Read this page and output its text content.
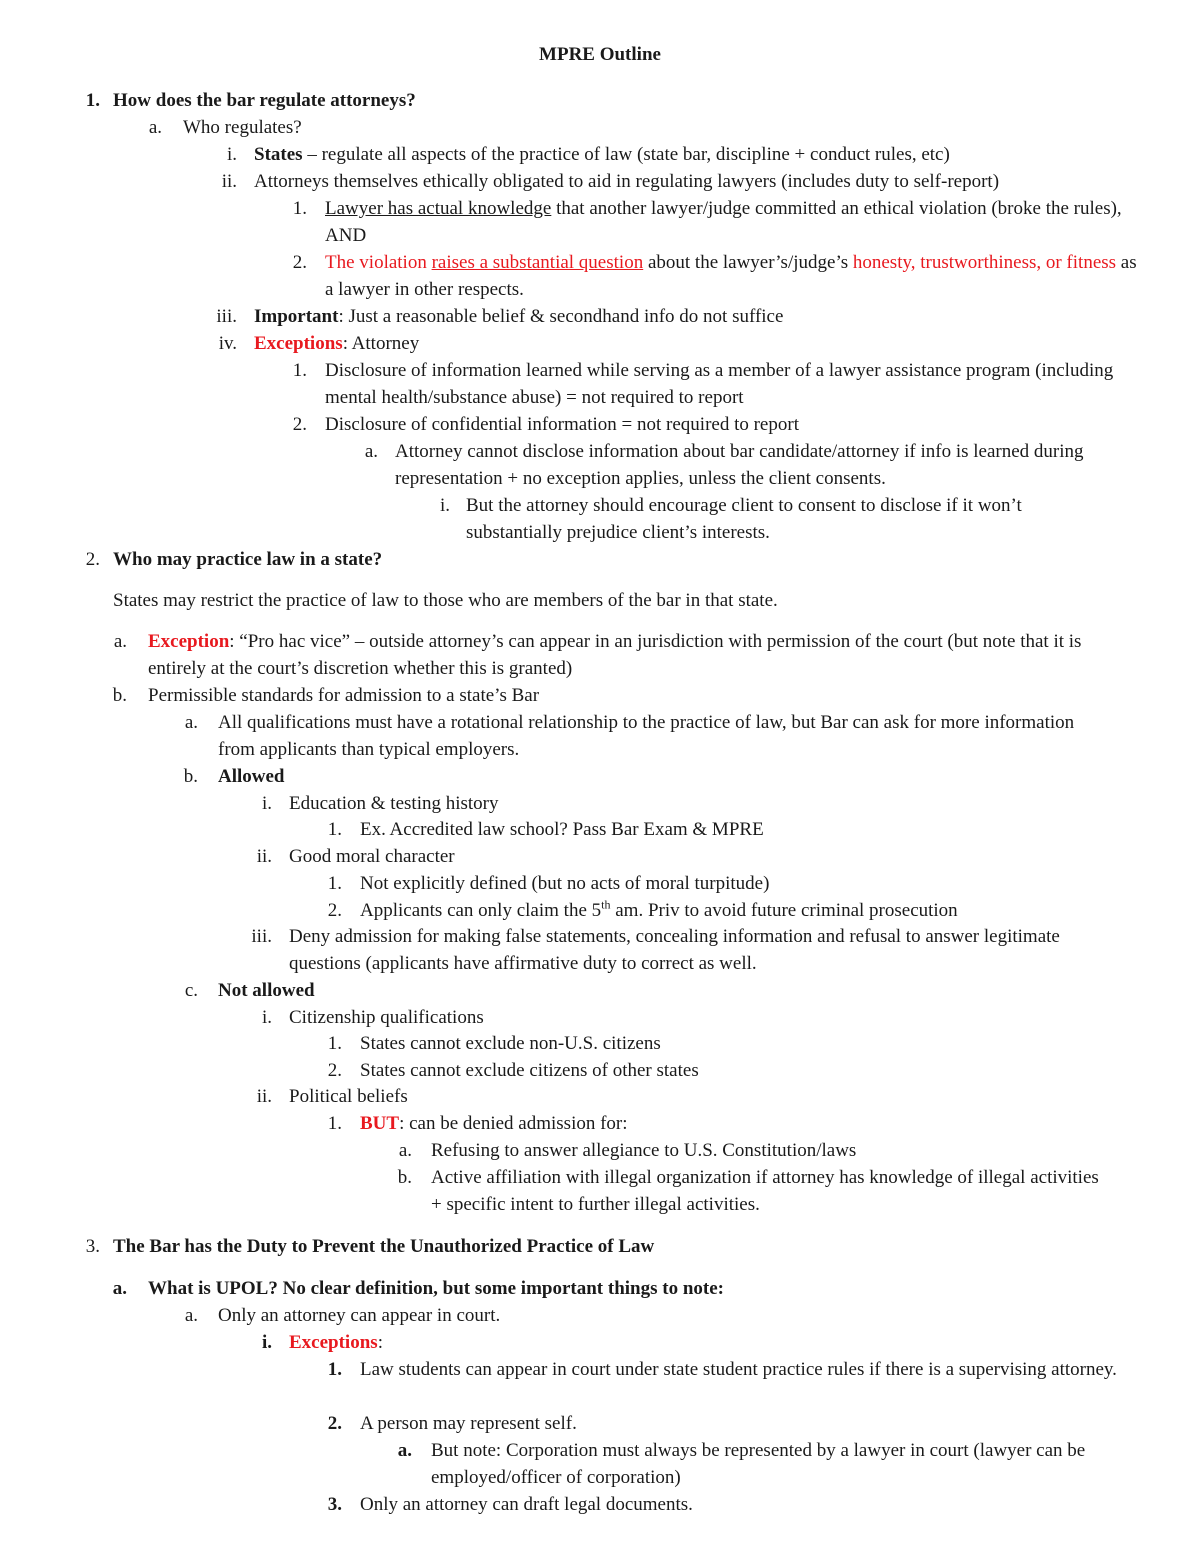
MPRE Outline
1. How does the bar regulate attorneys?
a. Who regulates?
i. States – regulate all aspects of the practice of law (state bar, discipline + conduct rules, etc)
ii. Attorneys themselves ethically obligated to aid in regulating lawyers (includes duty to self-report)
1. Lawyer has actual knowledge that another lawyer/judge committed an ethical violation (broke the rules), AND
2. The violation raises a substantial question about the lawyer’s/judge’s honesty, trustworthiness, or fitness as a lawyer in other respects.
iii. Important: Just a reasonable belief & secondhand info do not suffice
iv. Exceptions: Attorney
1. Disclosure of information learned while serving as a member of a lawyer assistance program (including mental health/substance abuse) = not required to report
2. Disclosure of confidential information = not required to report
a. Attorney cannot disclose information about bar candidate/attorney if info is learned during representation + no exception applies, unless the client consents.
i. But the attorney should encourage client to consent to disclose if it won’t substantially prejudice client’s interests.
2. Who may practice law in a state?
States may restrict the practice of law to those who are members of the bar in that state.
a. Exception: “Pro hac vice” – outside attorney’s can appear in an jurisdiction with permission of the court (but note that it is entirely at the court’s discretion whether this is granted)
b. Permissible standards for admission to a state’s Bar
a. All qualifications must have a rotational relationship to the practice of law, but Bar can ask for more information from applicants than typical employers.
b. Allowed
i. Education & testing history
1. Ex. Accredited law school? Pass Bar Exam & MPRE
ii. Good moral character
1. Not explicitly defined (but no acts of moral turpitude)
2. Applicants can only claim the 5th am. Priv to avoid future criminal prosecution
iii. Deny admission for making false statements, concealing information and refusal to answer legitimate questions (applicants have affirmative duty to correct as well.
c. Not allowed
i. Citizenship qualifications
1. States cannot exclude non-U.S. citizens
2. States cannot exclude citizens of other states
ii. Political beliefs
1. BUT: can be denied admission for:
a. Refusing to answer allegiance to U.S. Constitution/laws
b. Active affiliation with illegal organization if attorney has knowledge of illegal activities + specific intent to further illegal activities.
3. The Bar has the Duty to Prevent the Unauthorized Practice of Law
a. What is UPOL? No clear definition, but some important things to note:
a. Only an attorney can appear in court.
i. Exceptions:
1. Law students can appear in court under state student practice rules if there is a supervising attorney.
2. A person may represent self.
a. But note: Corporation must always be represented by a lawyer in court (lawyer can be employed/officer of corporation)
3. Only an attorney can draft legal documents.
